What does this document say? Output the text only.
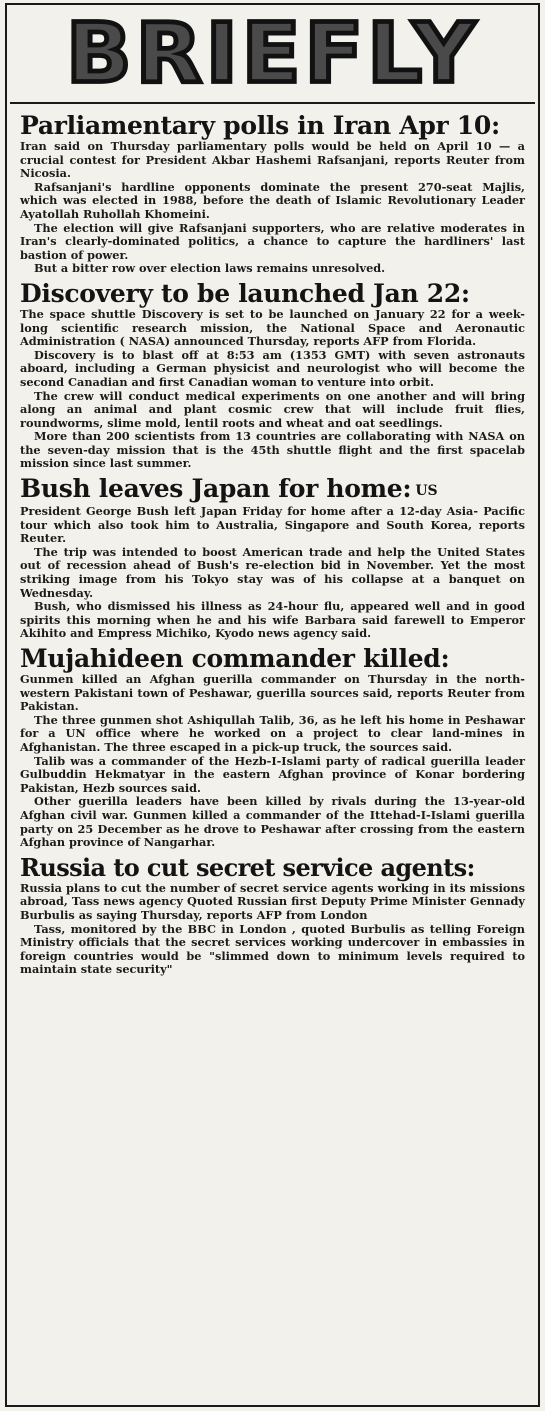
BRIEFLY
Parliamentary polls in Iran Apr 10:

Iran said on Thursday parliamentary polls would be held on April 10 — a crucial contest for President Akbar Hashemi Rafsanjani, reports Reuter from Nicosia.

Rafsanjani's hardline opponents dominate the present 270-seat Majlis, which was elected in 1988, before the death of Islamic Revolutionary Leader Ayatollah Ruhollah Khomeini.

The election will give Rafsanjani supporters, who are relative moderates in Iran's clearly-dominated politics, a chance to capture the hardliners' last bastion of power.

But a bitter row over election laws remains unresolved.

Discovery to be launched Jan 22:

The space shuttle Discovery is set to be launched on January 22 for a week-long scientific research mission, the National Space and Aeronautic Administration ( NASA) announced Thursday, reports AFP from Florida.

Discovery is to blast off at 8:53 am (1353 GMT) with seven astronauts aboard, including a German physicist and neurologist who will become the second Canadian and first Canadian woman to venture into orbit.

The crew will conduct medical experiments on one another and will bring along an animal and plant cosmic crew that will include fruit flies, roundworms, slime mold, lentil roots and wheat and oat seedlings.

More than 200 scientists from 13 countries are collaborating with NASA on the seven-day mission that is the 45th shuttle flight and the first spacelab mission since last summer.

Bush leaves Japan for home: US

President George Bush left Japan Friday for home after a 12-day Asia- Pacific tour which also took him to Australia, Singapore and South Korea, reports Reuter.

The trip was intended to boost American trade and help the United States out of recession ahead of Bush's re-election bid in November. Yet the most striking image from his Tokyo stay was of his collapse at a banquet on Wednesday.

Bush, who dismissed his illness as 24-hour flu, appeared well and in good spirits this morning when he and his wife Barbara said farewell to Emperor Akihito and Empress Michiko, Kyodo news agency said.

Mujahideen commander killed:

Gunmen killed an Afghan guerilla commander on Thursday in the north-western Pakistani town of Peshawar, guerilla sources said, reports Reuter from Pakistan.

The three gunmen shot Ashiqullah Talib, 36, as he left his home in Peshawar for a UN office where he worked on a project to clear land-mines in Afghanistan. The three escaped in a pick-up truck, the sources said.

Talib was a commander of the Hezb-I-Islami party of radical guerilla leader Gulbuddin Hekmatyar in the eastern Afghan province of Konar bordering Pakistan, Hezb sources said.

Other guerilla leaders have been killed by rivals during the 13-year-old Afghan civil war. Gunmen killed a commander of the Ittehad-I-Islami guerilla party on 25 December as he drove to Peshawar after crossing from the eastern Afghan province of Nangarhar.

Russia to cut secret service agents:

Russia plans to cut the number of secret service agents working in its missions abroad, Tass news agency Quoted Russian first Deputy Prime Minister Gennady Burbulis as saying Thursday, reports AFP from London

Tass, monitored by the BBC in London , quoted Burbulis as telling Foreign Ministry officials that the secret services working undercover in embassies in foreign countries would be "slimmed down to minimum levels required to maintain state security"
